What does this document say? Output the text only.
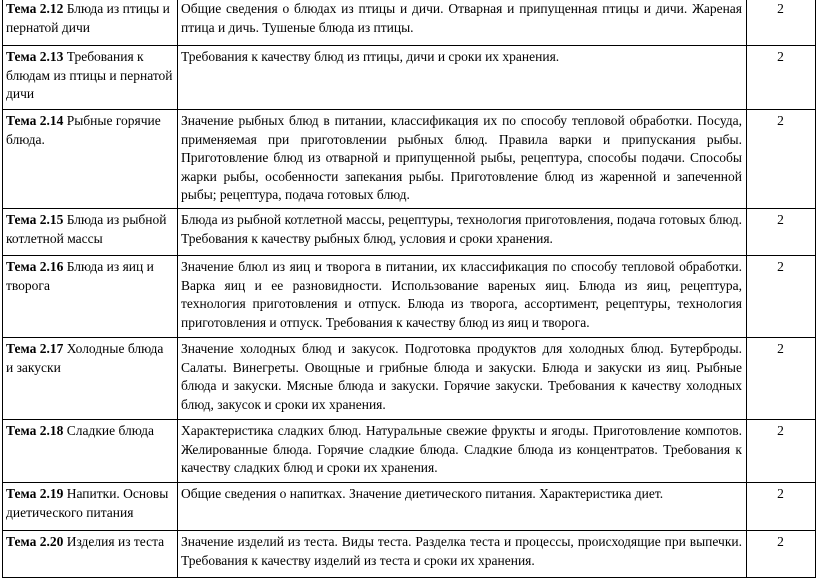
Тема 2.12 Блюда из птицы и пернатой дичи	Общие сведения о блюдах из птицы и дичи. Отварная и припущенная птицы и дичи. Жареная птица и дичь. Тушеные блюда из птицы.	2
Тема 2.13 Требования к блюдам из птицы и пернатой дичи	Требования к качеству блюд из птицы, дичи и сроки их хранения.	2
Тема 2.14 Рыбные горячие блюда.	Значение рыбных блюд в питании, классификация их по способу тепловой обработки. Посуда, применяемая при приготовлении рыбных блюд. Правила варки и припускания рыбы. Приготовление блюд из отварной и припущенной рыбы, рецептура, способы подачи. Способы жарки рыбы, особенности запекания рыбы. Приготовление блюд из жаренной и запеченной рыбы; рецептура, подача готовых блюд.	2
Тема 2.15 Блюда из рыбной котлетной массы	Блюда из рыбной котлетной массы, рецептуры, технология приготовления, подача готовых блюд. Требования к качеству рыбных блюд, условия и сроки хранения.	2
Тема 2.16 Блюда из яиц и творога	Значение блюл из яиц и творога в питании, их классификация по способу тепловой обработки. Варка яиц и ее разновидности. Использование вареных яиц. Блюда из яиц, рецептура, технология приготовления и отпуск. Блюда из творога, ассортимент, рецептуры, технология приготовления и отпуск. Требования к качеству блюд из яиц и творога.	2
Тема 2.17 Холодные блюда и закуски	Значение холодных блюд и закусок. Подготовка продуктов для холодных блюд. Бутерброды. Салаты. Винегреты. Овощные и грибные блюда и закуски. Блюда и закуски из яиц. Рыбные блюда и закуски. Мясные блюда и закуски. Горячие закуски. Требования к качеству холодных блюд, закусок и сроки их хранения.	2
Тема 2.18 Сладкие блюда	Характеристика сладких блюд. Натуральные свежие фрукты и ягоды. Приготовление компотов. Желированные блюда. Горячие сладкие блюда. Сладкие блюда из концентратов. Требования к качеству сладких блюд и сроки их хранения.	2
Тема 2.19 Напитки. Основы диетического питания	Общие сведения о напитках. Значение диетического питания. Характеристика диет.	2
Тема 2.20 Изделия из теста	Значение изделий из теста. Виды теста. Разделка теста и процессы, происходящие при выпечки. Требования к качеству изделий из теста и сроки их хранения.	2
